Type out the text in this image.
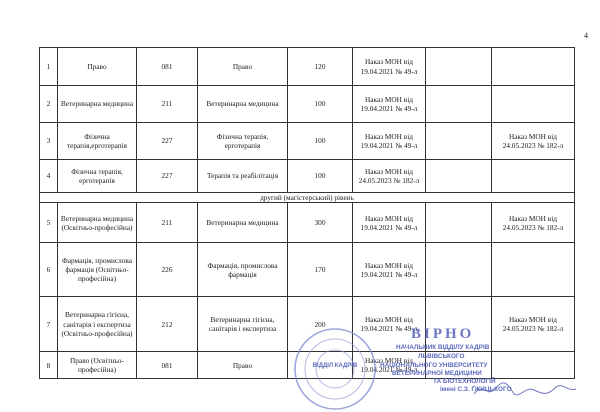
4
1	Право	081	Право	120	Наказ МОН від 19.04.2021 № 49-л		
2	Ветеринарна медицина	211	Ветеринарна медицина	100	Наказ МОН від 19.04.2021 № 49-л		
3	Фізична терапія,ерготерапія	227	Фізична терапія, ерготерапія	100	Наказ МОН від 19.04.2021 № 49-л		Наказ МОН від 24.05.2023 № 182-л
4	Фізична терапія, ерготерапія	227	Терапія та реабілітація	100	Наказ МОН від 24.05.2023 № 182-л		
другий (магістерський) рівень							
5	Ветеринарна медицина (Освітньо-професійна)	211	Ветеринарна медицина	300	Наказ МОН від 19.04.2021 № 49-л		Наказ МОН від 24.05.2023 № 182-л
6	Фармація, промислова фармація (Освітньо-професійна)	226	Фармація, промислова фармація	170	Наказ МОН від 19.04.2021 № 49-л		
7	Ветеринарна гігієна, санітарія і експертиза (Освітньо-професійна)	212	Ветеринарна гігієна, санітарія і експертиза	200	Наказ МОН від 19.04.2021 № 49-л		Наказ МОН від 24.05.2023 № 182-л
8	Право (Освітньо-професійна)	081	Право		Наказ МОН від 19.04.2021 № 49-л		
ВІДДІЛ КАДРІВ
ВІРНО
НАЧАЛЬНИК ВІДДІЛУ КАДРІВ
ЛЬВІВСЬКОГО
НАЦІОНАЛЬНОГО УНІВЕРСИТЕТУ
ВЕТЕРИНАРНОЇ МЕДИЦИНИ
ТА БІОТЕХНОЛОГІЙ
імені С.З. ҐЖИЦЬКОГО
